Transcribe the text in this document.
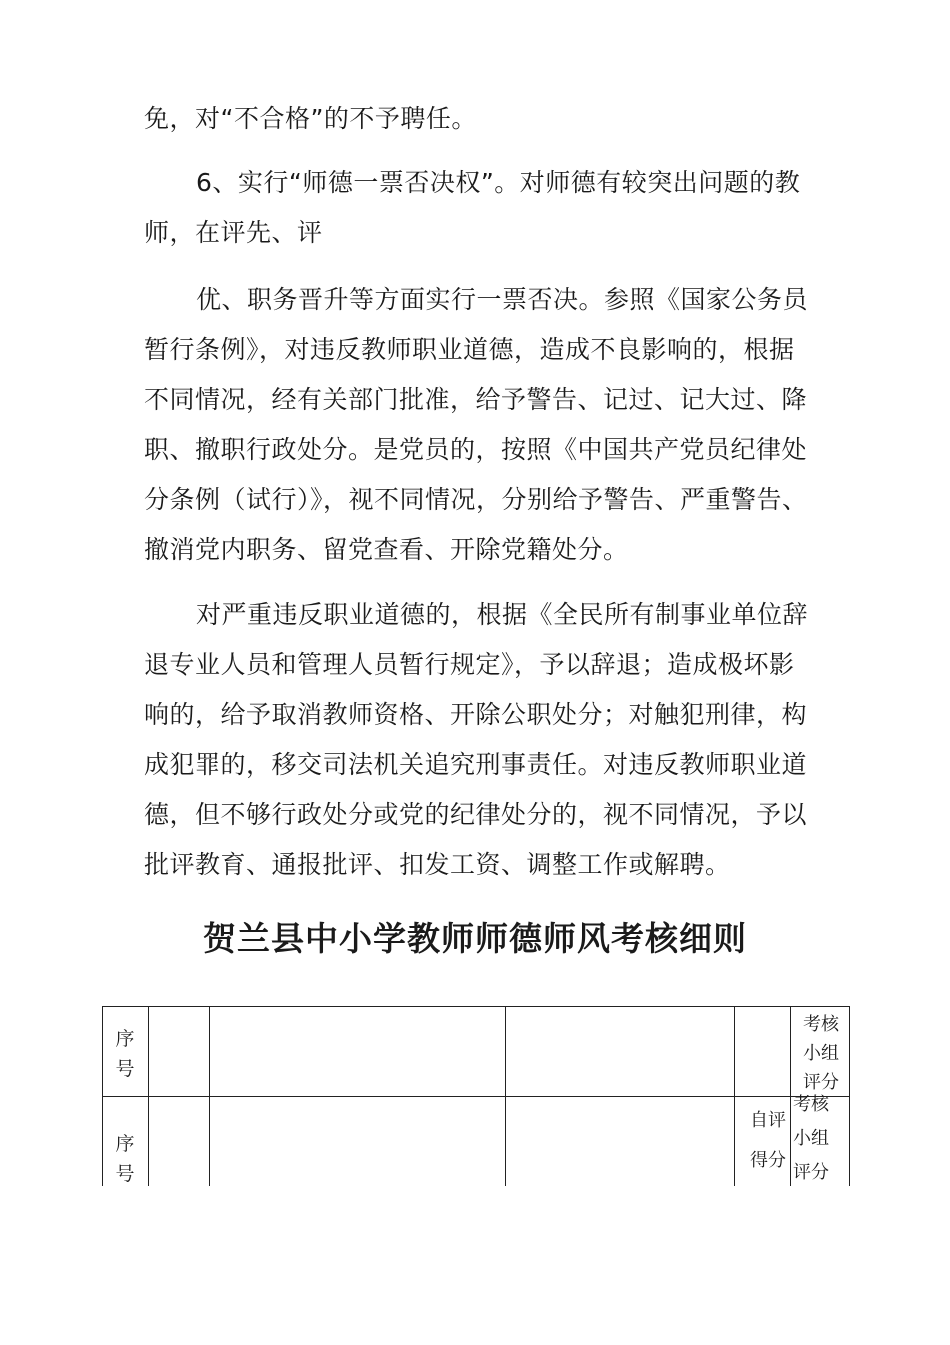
免，对“不合格”的不予聘任。

6、实行“师德一票否决权”。对师德有较突出问题的教师，在评先、评

优、职务晋升等方面实行一票否决。参照《国家公务员暂行条例》，对违反教师职业道德，造成不良影响的，根据不同情况，经有关部门批准，给予警告、记过、记大过、降职、撤职行政处分。是党员的，按照《中国共产党员纪律处分条例（试行）》，视不同情况，分别给予警告、严重警告、撤消党内职务、留党查看、开除党籍处分。

对严重违反职业道德的，根据《全民所有制事业单位辞退专业人员和管理人员暂行规定》，予以辞退；造成极坏影响的，给予取消教师资格、开除公职处分；对触犯刑律，构成犯罪的，移交司法机关追究刑事责任。对违反教师职业道德，但不够行政处分或党的纪律处分的，视不同情况，予以批评教育、通报批评、扣发工资、调整工作或解聘。

贺兰县中小学教师师德师风考核细则
序
号
考核
小组
评分
序
号
自评
得分
考核
小组
评分
